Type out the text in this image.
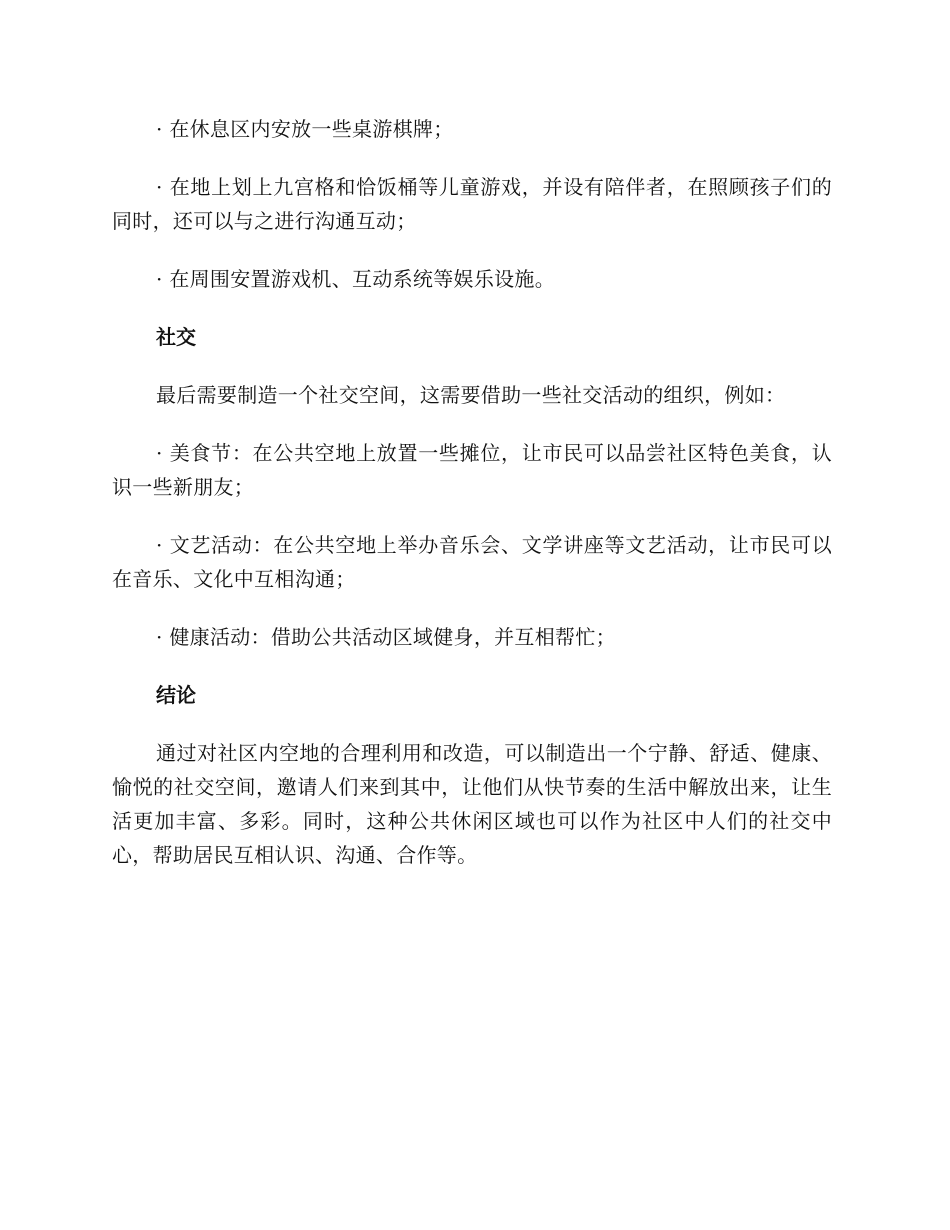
· 在休息区内安放一些桌游棋牌；

· 在地上划上九宫格和恰饭桶等儿童游戏，并设有陪伴者，在照顾孩子们的同时，还可以与之进行沟通互动；

· 在周围安置游戏机、互动系统等娱乐设施。

社交

最后需要制造一个社交空间，这需要借助一些社交活动的组织，例如：

· 美食节：在公共空地上放置一些摊位，让市民可以品尝社区特色美食，认识一些新朋友；

· 文艺活动：在公共空地上举办音乐会、文学讲座等文艺活动，让市民可以在音乐、文化中互相沟通；

· 健康活动：借助公共活动区域健身，并互相帮忙；

结论

通过对社区内空地的合理利用和改造，可以制造出一个宁静、舒适、健康、愉悦的社交空间，邀请人们来到其中，让他们从快节奏的生活中解放出来，让生活更加丰富、多彩。同时，这种公共休闲区域也可以作为社区中人们的社交中心，帮助居民互相认识、沟通、合作等。
